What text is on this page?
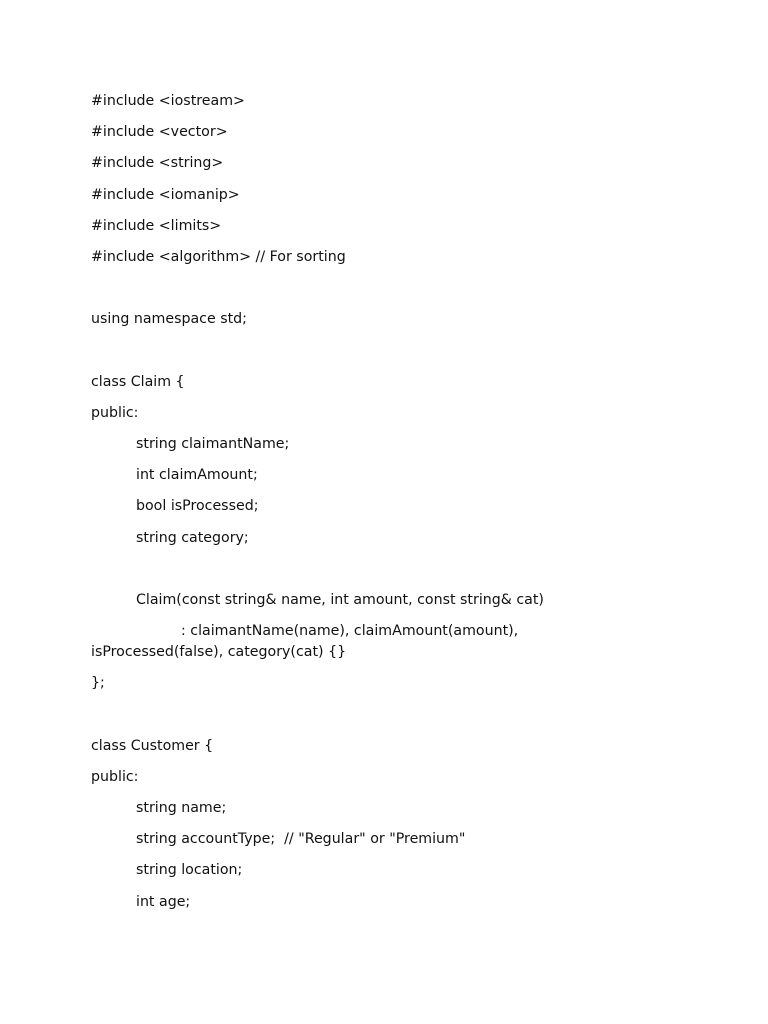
#include <iostream>
#include <vector>
#include <string>
#include <iomanip>
#include <limits>
#include <algorithm> // For sorting
using namespace std;
class Claim {
public:
string claimantName;
int claimAmount;
bool isProcessed;
string category;
Claim(const string& name, int amount, const string& cat)
: claimantName(name), claimAmount(amount),
isProcessed(false), category(cat) {}
};
class Customer {
public:
string name;
string accountType;  // "Regular" or "Premium"
string location;
int age;
